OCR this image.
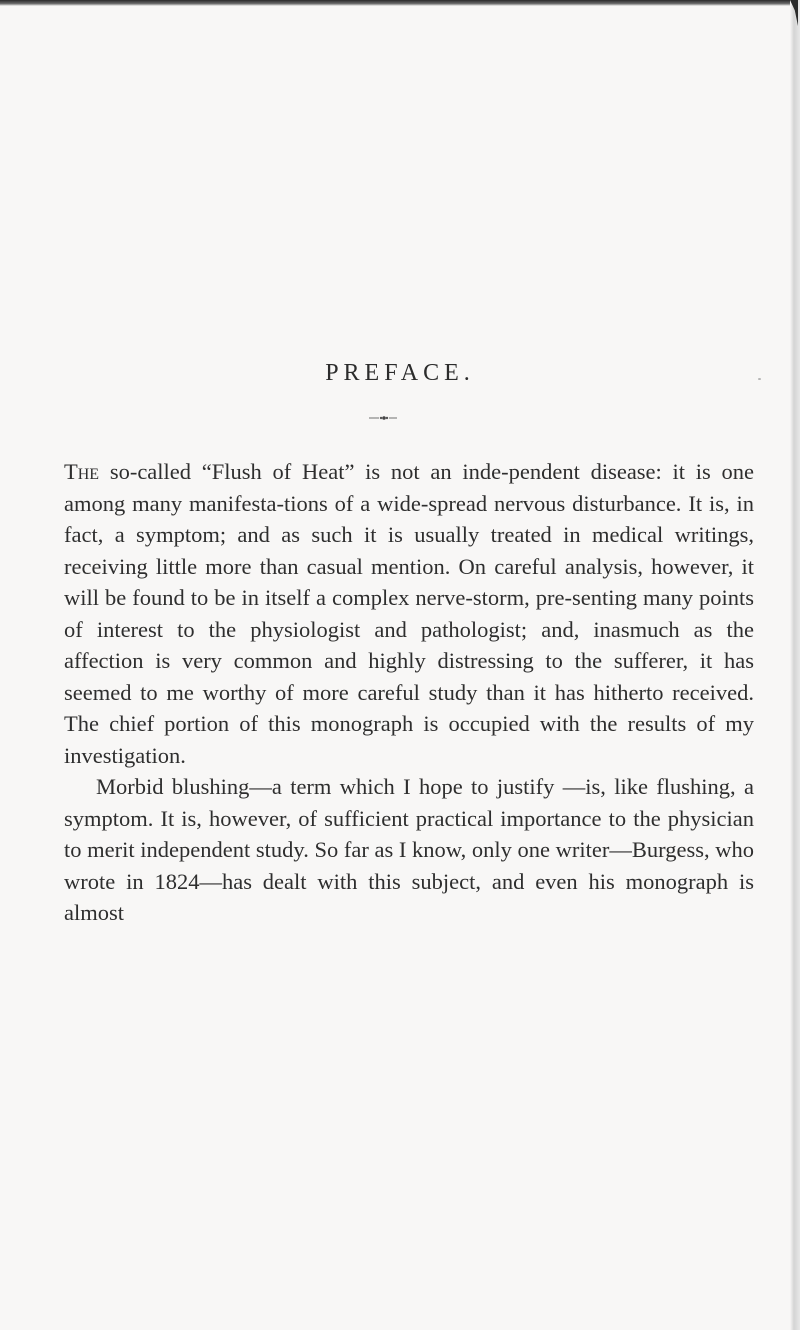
PREFACE.

The so-called “Flush of Heat” is not an inde-pendent disease: it is one among many manifesta-tions of a wide-spread nervous disturbance. It is, in fact, a symptom; and as such it is usually treated in medical writings, receiving little more than casual mention. On careful analysis, however, it will be found to be in itself a complex nerve-storm, pre-senting many points of interest to the physiologist and pathologist; and, inasmuch as the affection is very common and highly distressing to the sufferer, it has seemed to me worthy of more careful study than it has hitherto received. The chief portion of this monograph is occupied with the results of my investigation.

Morbid blushing—a term which I hope to justify —is, like flushing, a symptom. It is, however, of sufficient practical importance to the physician to merit independent study. So far as I know, only one writer—Burgess, who wrote in 1824—has dealt with this subject, and even his monograph is almost
